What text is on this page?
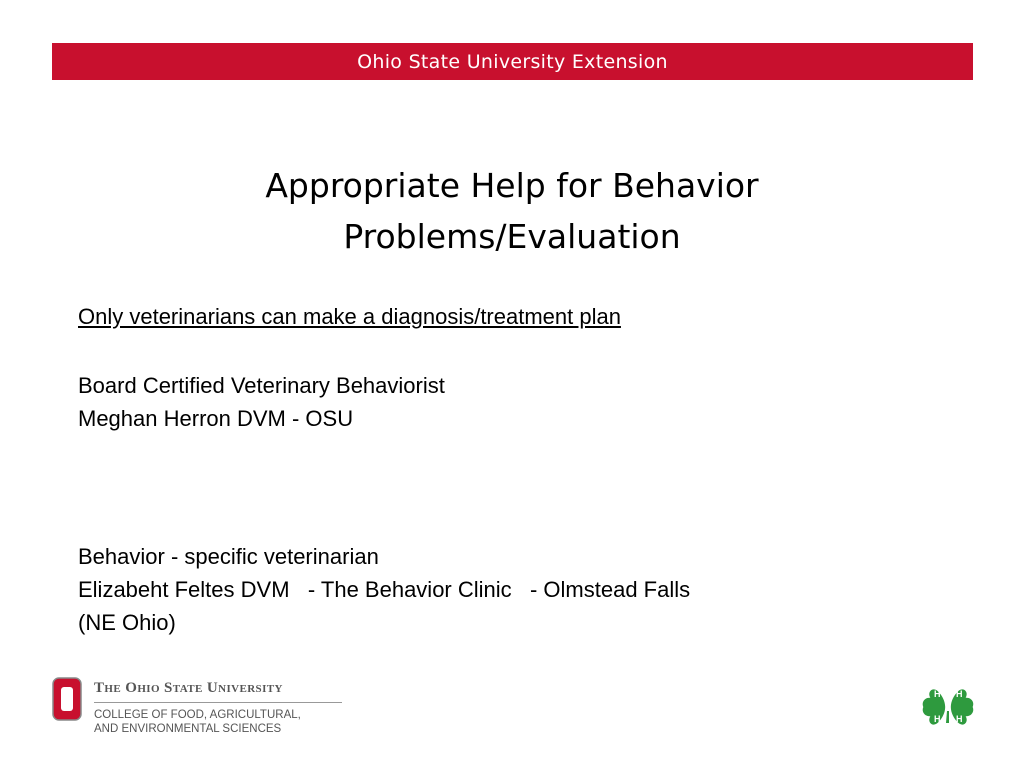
Ohio State University Extension
Appropriate Help for Behavior
Problems/Evaluation
Only veterinarians can make a diagnosis/treatment plan
Board Certified Veterinary Behaviorist
Meghan Herron DVM - OSU
Behavior - specific veterinarian
Elizabeht Feltes DVM   - The Behavior Clinic   - Olmstead Falls
(NE Ohio)
The Ohio State University
COLLEGE OF FOOD, AGRICULTURAL,
AND ENVIRONMENTAL SCIENCES
H H
H H
